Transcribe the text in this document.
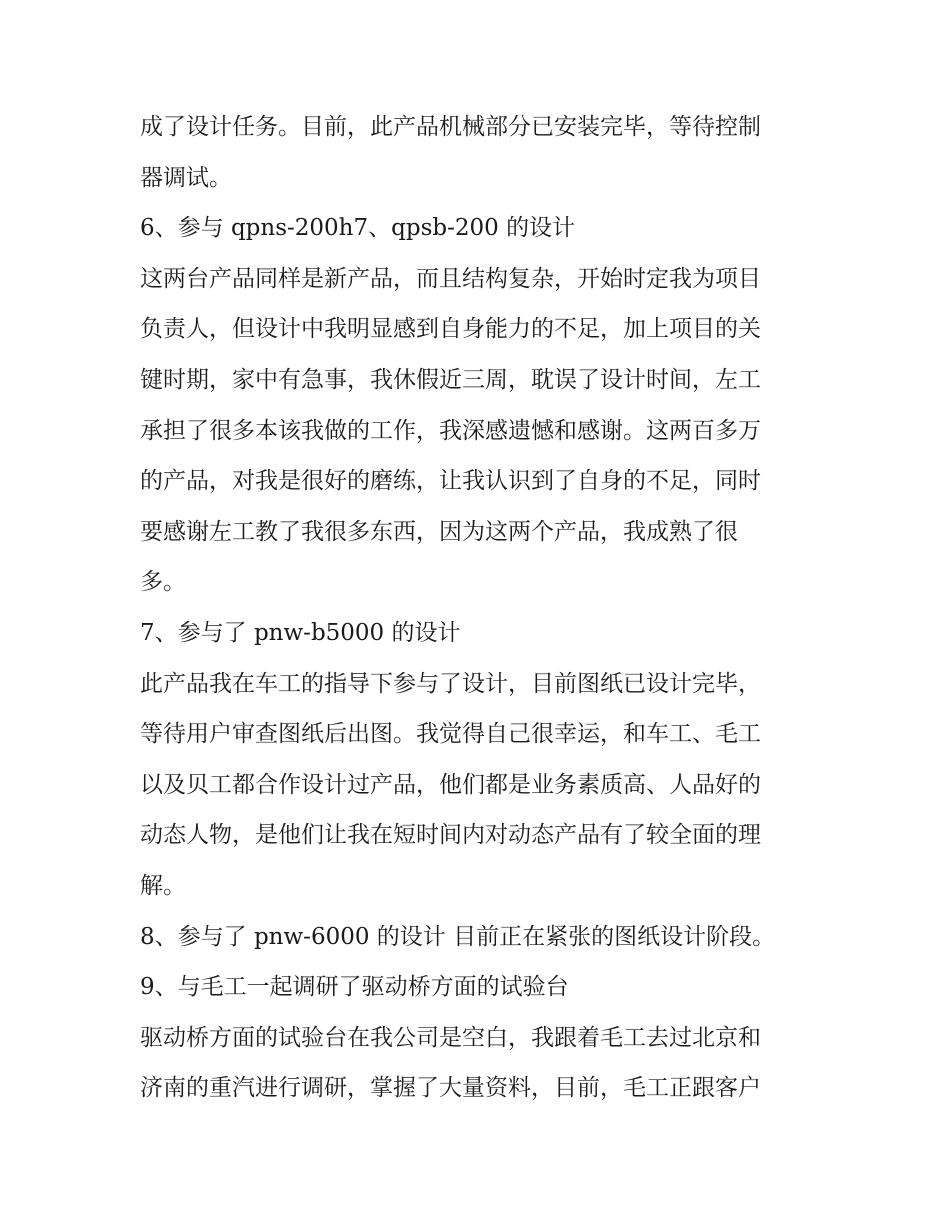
成了设计任务。目前，此产品机械部分已安装完毕，等待控制
器调试。
6、参与 qpns-200h7、qpsb-200 的设计
这两台产品同样是新产品，而且结构复杂，开始时定我为项目
负责人，但设计中我明显感到自身能力的不足，加上项目的关
键时期，家中有急事，我休假近三周，耽误了设计时间，左工
承担了很多本该我做的工作，我深感遗憾和感谢。这两百多万
的产品，对我是很好的磨练，让我认识到了自身的不足，同时
要感谢左工教了我很多东西，因为这两个产品，我成熟了很
多。
7、参与了 pnw-b5000 的设计
此产品我在车工的指导下参与了设计，目前图纸已设计完毕，
等待用户审查图纸后出图。我觉得自己很幸运，和车工、毛工
以及贝工都合作设计过产品，他们都是业务素质高、人品好的
动态人物，是他们让我在短时间内对动态产品有了较全面的理
解。
8、参与了 pnw-6000 的设计 目前正在紧张的图纸设计阶段。
9、与毛工一起调研了驱动桥方面的试验台
驱动桥方面的试验台在我公司是空白，我跟着毛工去过北京和
济南的重汽进行调研，掌握了大量资料，目前，毛工正跟客户
